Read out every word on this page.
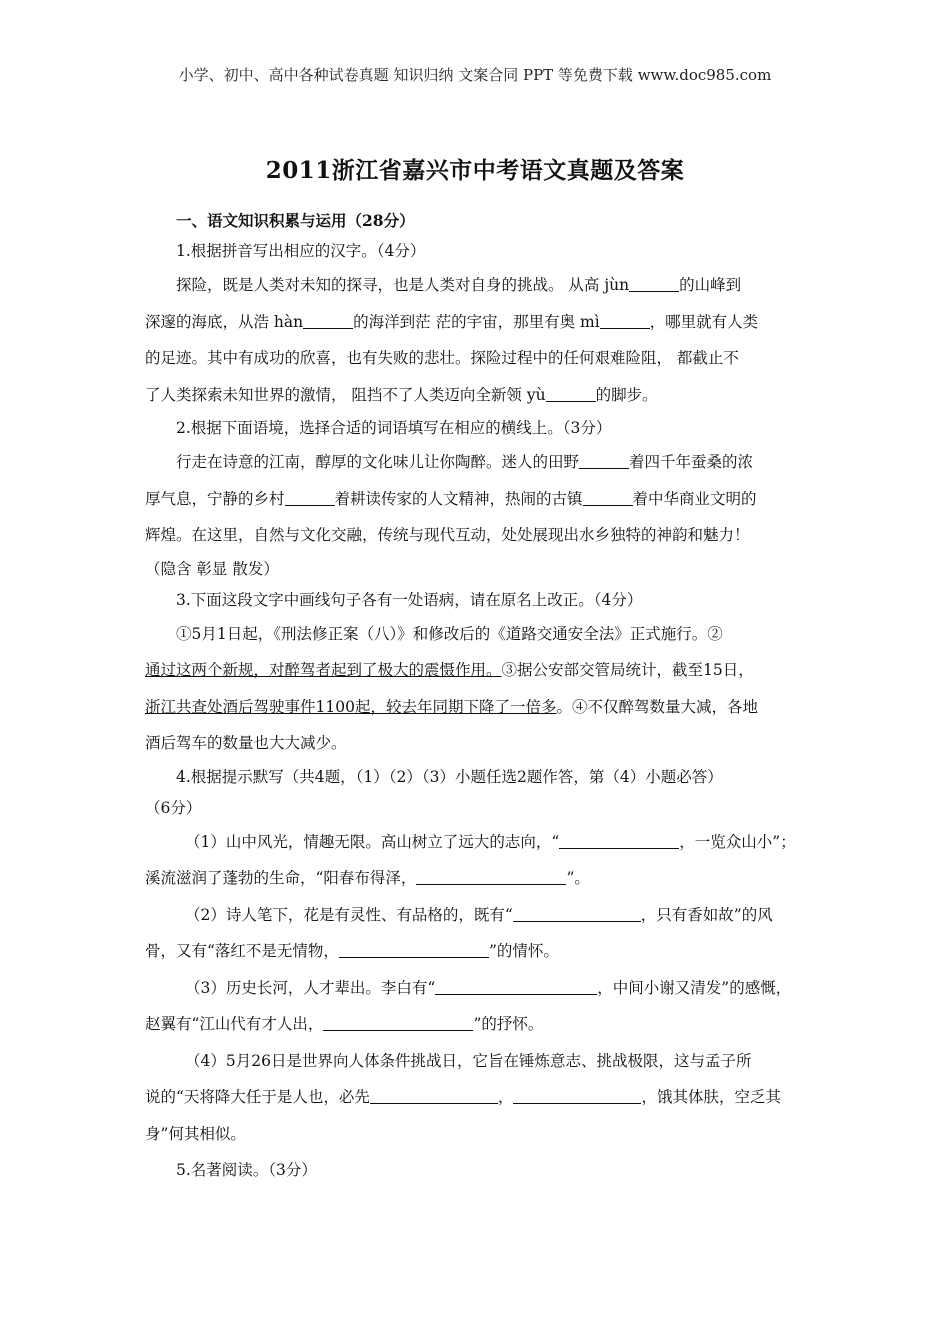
小学、初中、高中各种试卷真题 知识归纳 文案合同 PPT 等免费下载 www.doc985.com
2011浙江省嘉兴市中考语文真题及答案
一、语文知识积累与运用（28分）
1.根据拼音写出相应的汉字。（4分）
探险，既是人类对未知的探寻，也是人类对自身的挑战。 从高 jùn	的山峰到
深邃的海底，从浩 hàn	的海洋到茫 茫的宇宙，那里有奥 mì	，哪里就有人类
的足迹。其中有成功的欣喜，也有失败的悲壮。探险过程中的任何艰难险阻， 都截止不
了人类探索未知世界的激情， 阻挡不了人类迈向全新领 yù	的脚步。
2.根据下面语境，选择合适的词语填写在相应的横线上。（3分）
行走在诗意的江南，醇厚的文化味儿让你陶醉。迷人的田野	着四千年蚕桑的浓
厚气息，宁静的乡村	着耕读传家的人文精神，热闹的古镇	着中华商业文明的
辉煌。在这里，自然与文化交融，传统与现代互动，处处展现出水乡独特的神韵和魅力！
（隐含 彰显 散发）
3.下面这段文字中画线句子各有一处语病，请在原名上改正。（4分）
①5月1日起，《刑法修正案（八）》和修改后的《道路交通安全法》正式施行。②
通过这两个新规，对醉驾者起到了极大的震慑作用。③据公安部交管局统计，截至15日，
浙江共查处酒后驾驶事件1100起，较去年同期下降了一倍多。④不仅醉驾数量大减，各地
酒后驾车的数量也大大减少。
4.根据提示默写（共4题，（1）（2）（3）小题任选2题作答，第（4）小题必答）
（6分）
（1）山中风光，情趣无限。高山树立了远大的志向，“	，一览众山小”；
溪流滋润了蓬勃的生命，“阳春布得泽，	”。
（2）诗人笔下，花是有灵性、有品格的，既有“	，只有香如故”的风
骨，又有“落红不是无情物，	”的情怀。
（3）历史长河，人才辈出。李白有“	，中间小谢又清发”的感慨，
赵翼有“江山代有才人出，	”的抒怀。
（4）5月26日是世界向人体条件挑战日，它旨在锤炼意志、挑战极限，这与孟子所
说的“天将降大任于是人也，必先	，	，饿其体肤，空乏其
身”何其相似。
5.名著阅读。（3分）
